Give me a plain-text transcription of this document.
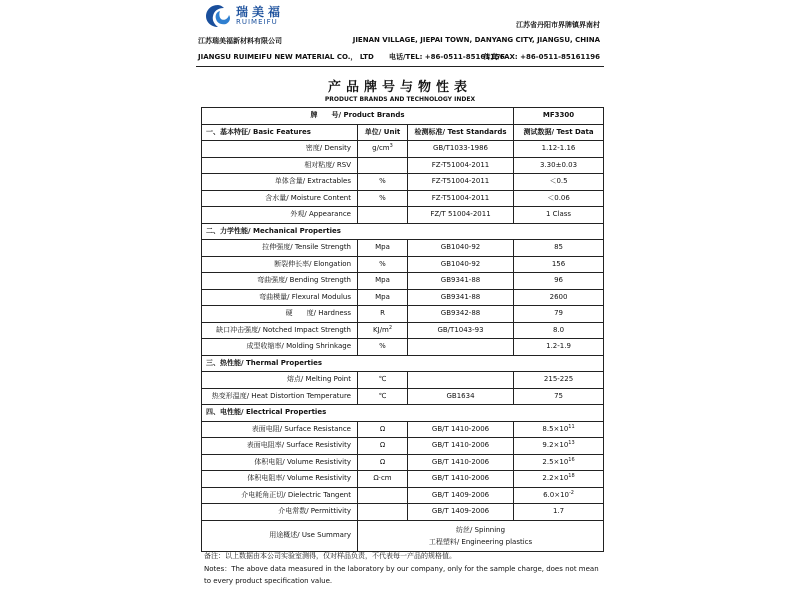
瑞美福
RUIMEIFU
江苏瑞美福新材料有限公司
JIANGSU RUIMEIFU NEW MATERIAL CO.， LTD
江苏省丹阳市界牌镇界南村
JIENAN VILLAGE, JIEPAI TOWN, DANYANG CITY, JIANGSU, CHINA
电话/TEL: +86-0511-85161156
传真/FAX: +86-0511-85161196
产品牌号与物性表
PRODUCT BRANDS AND TECHNOLOGY INDEX
牌　　号/ Product Brands			MF3300
一、基本特征/ Basic Features	单位/ Unit	检测标准/ Test Standards	测试数据/ Test Data
密度/ Density	$g/cm^3$	GB/T1033-1986	1.12-1.16
相对粘度/ RSV		FZ-T51004-2011	3.30±0.03
单体含量/ Extractables	%	FZ-T51004-2011	＜0.5
含水量/ Moisture Content	%	FZ-T51004-2011	＜0.06
外观/ Appearance		FZ/T 51004-2011	1 Class
二、力学性能/ Mechanical Properties			
拉伸强度/ Tensile Strength	Mpa	GB1040-92	85
断裂伸长率/ Elongation	%	GB1040-92	156
弯曲强度/ Bending Strength	Mpa	GB9341-88	96
弯曲模量/ Flexural Modulus	Mpa	GB9341-88	2600
硬　　度/ Hardness	R	GB9342-88	79
缺口冲击强度/ Notched Impact Strength	$KJ/m^2$	GB/T1043-93	8.0
成型收缩率/ Molding Shrinkage	%		1.2-1.9
三、热性能/ Thermal Properties			
熔点/ Melting Point	℃		215-225
热变形温度/ Heat Distortion Temperature	℃	GB1634	75
四、电性能/ Electrical Properties			
表面电阻/ Surface Resistance	Ω	GB/T 1410-2006	$8.5\times 10^{11}$
表面电阻率/ Surface Resistivity	Ω	GB/T 1410-2006	$9.2\times 10^{13}$
体积电阻/ Volume Resistivity	Ω	GB/T 1410-2006	$2.5\times 10^{16}$
体积电阻率/ Volume Resistivity	Ω·cm	GB/T 1410-2006	$2.2\times 10^{18}$
介电耗角正切/ Dielectric Tangent		GB/T 1409-2006	$6.0\times 10^{-2}$
介电常数/ Permittivity		GB/T 1409-2006	1.7
用途概述/ Use Summary	纺丝/ Spinning
工程塑料/ Engineering plastics		
备注：以上数据由本公司实验室测得，仅对样品负责，不代表每一产品的规格值。
Notes：The above data measured in the laboratory by our company, only for the sample charge, does not mean
to every product specification value.
